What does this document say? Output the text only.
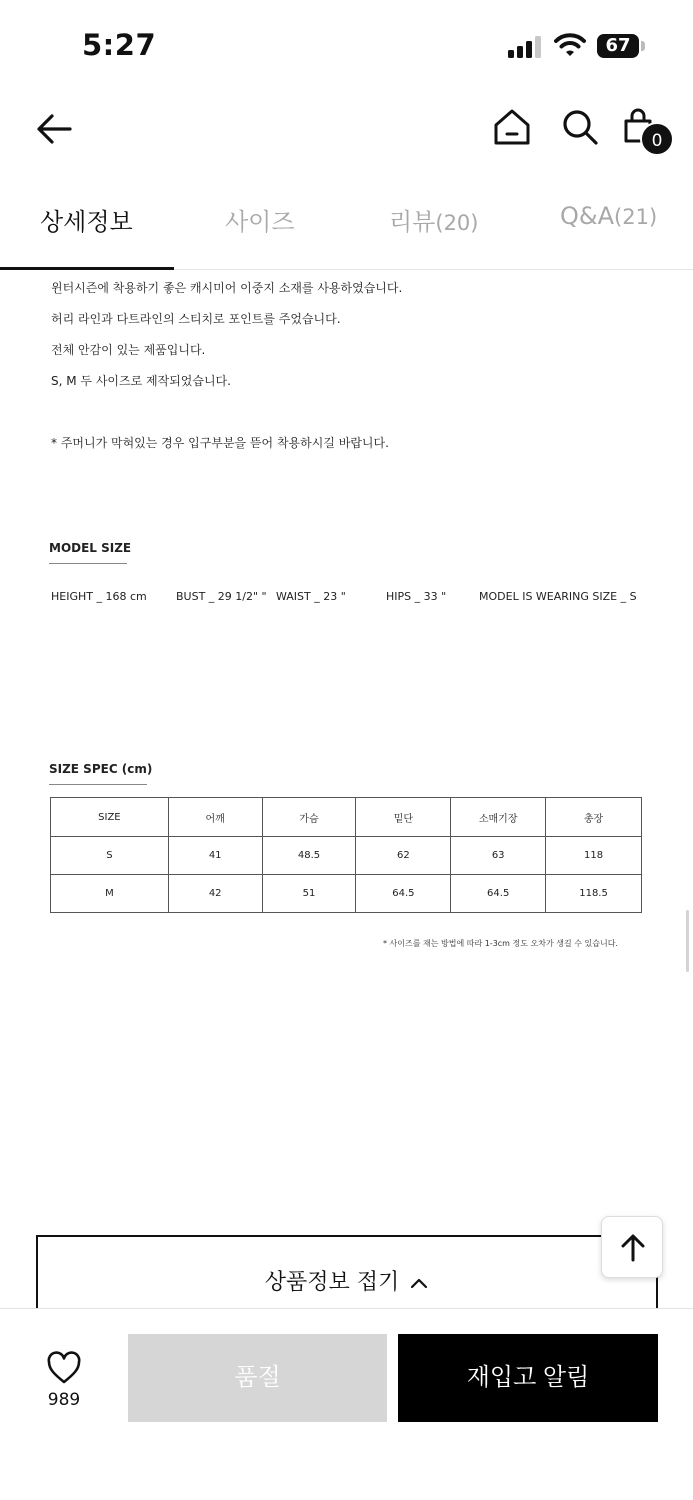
5:27	67
0
상세정보	사이즈	리뷰(20)	Q&A(21)

윈터시즌에 착용하기 좋은 캐시미어 이중지 소재를 사용하였습니다.

허리 라인과 다트라인의 스티치로 포인트를 주었습니다.

전체 안감이 있는 제품입니다.

S, M 두 사이즈로 제작되었습니다.

* 주머니가 막혀있는 경우 입구부분을 뜯어 착용하시길 바랍니다.
MODEL SIZE
HEIGHT _ 168 cm	BUST _ 29 1/2" " WAIST _ 23 "	HIPS _ 33 "	MODEL IS WEARING SIZE _ S
SIZE SPEC (cm)
SIZE	어깨	가슴	밑단	소매기장	총장
S	41	48.5	62	63	118
M	42	51	64.5	64.5	118.5
* 사이즈를 재는 방법에 따라 1-3cm 정도 오차가 생길 수 있습니다.
상품정보 접기
989
품절	재입고 알림
